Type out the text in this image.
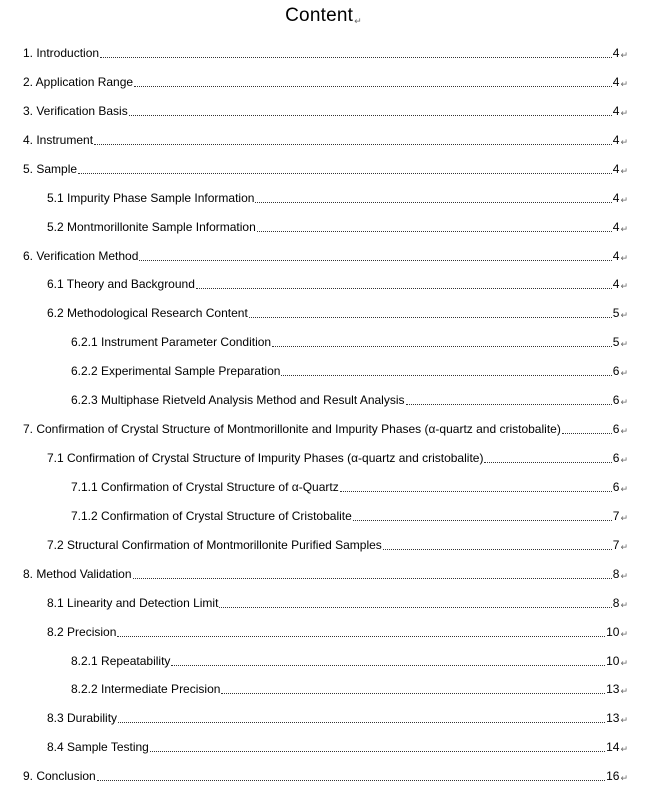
Content↵
1. Introduction	4 ↵
2. Application Range	4 ↵
3. Verification Basis	4 ↵
4. Instrument	4 ↵
5. Sample	4 ↵
5.1 Impurity Phase Sample Information	4 ↵
5.2 Montmorillonite Sample Information	4 ↵
6. Verification Method	4 ↵
6.1 Theory and Background	4 ↵
6.2 Methodological Research Content	5 ↵
6.2.1 Instrument Parameter Condition	5 ↵
6.2.2 Experimental Sample Preparation	6 ↵
6.2.3 Multiphase Rietveld Analysis Method and Result Analysis	6 ↵
7. Confirmation of Crystal Structure of Montmorillonite and Impurity Phases (α-quartz and cristobalite)	6 ↵
7.1 Confirmation of Crystal Structure of Impurity Phases (α-quartz and cristobalite)	6 ↵
7.1.1 Confirmation of Crystal Structure of α-Quartz	6 ↵
7.1.2 Confirmation of Crystal Structure of Cristobalite	7 ↵
7.2 Structural Confirmation of Montmorillonite Purified Samples	7 ↵
8. Method Validation	8 ↵
8.1 Linearity and Detection Limit	8 ↵
8.2 Precision	10 ↵
8.2.1 Repeatability	10 ↵
8.2.2 Intermediate Precision	13 ↵
8.3 Durability	13 ↵
8.4 Sample Testing	14 ↵
9. Conclusion	16 ↵
